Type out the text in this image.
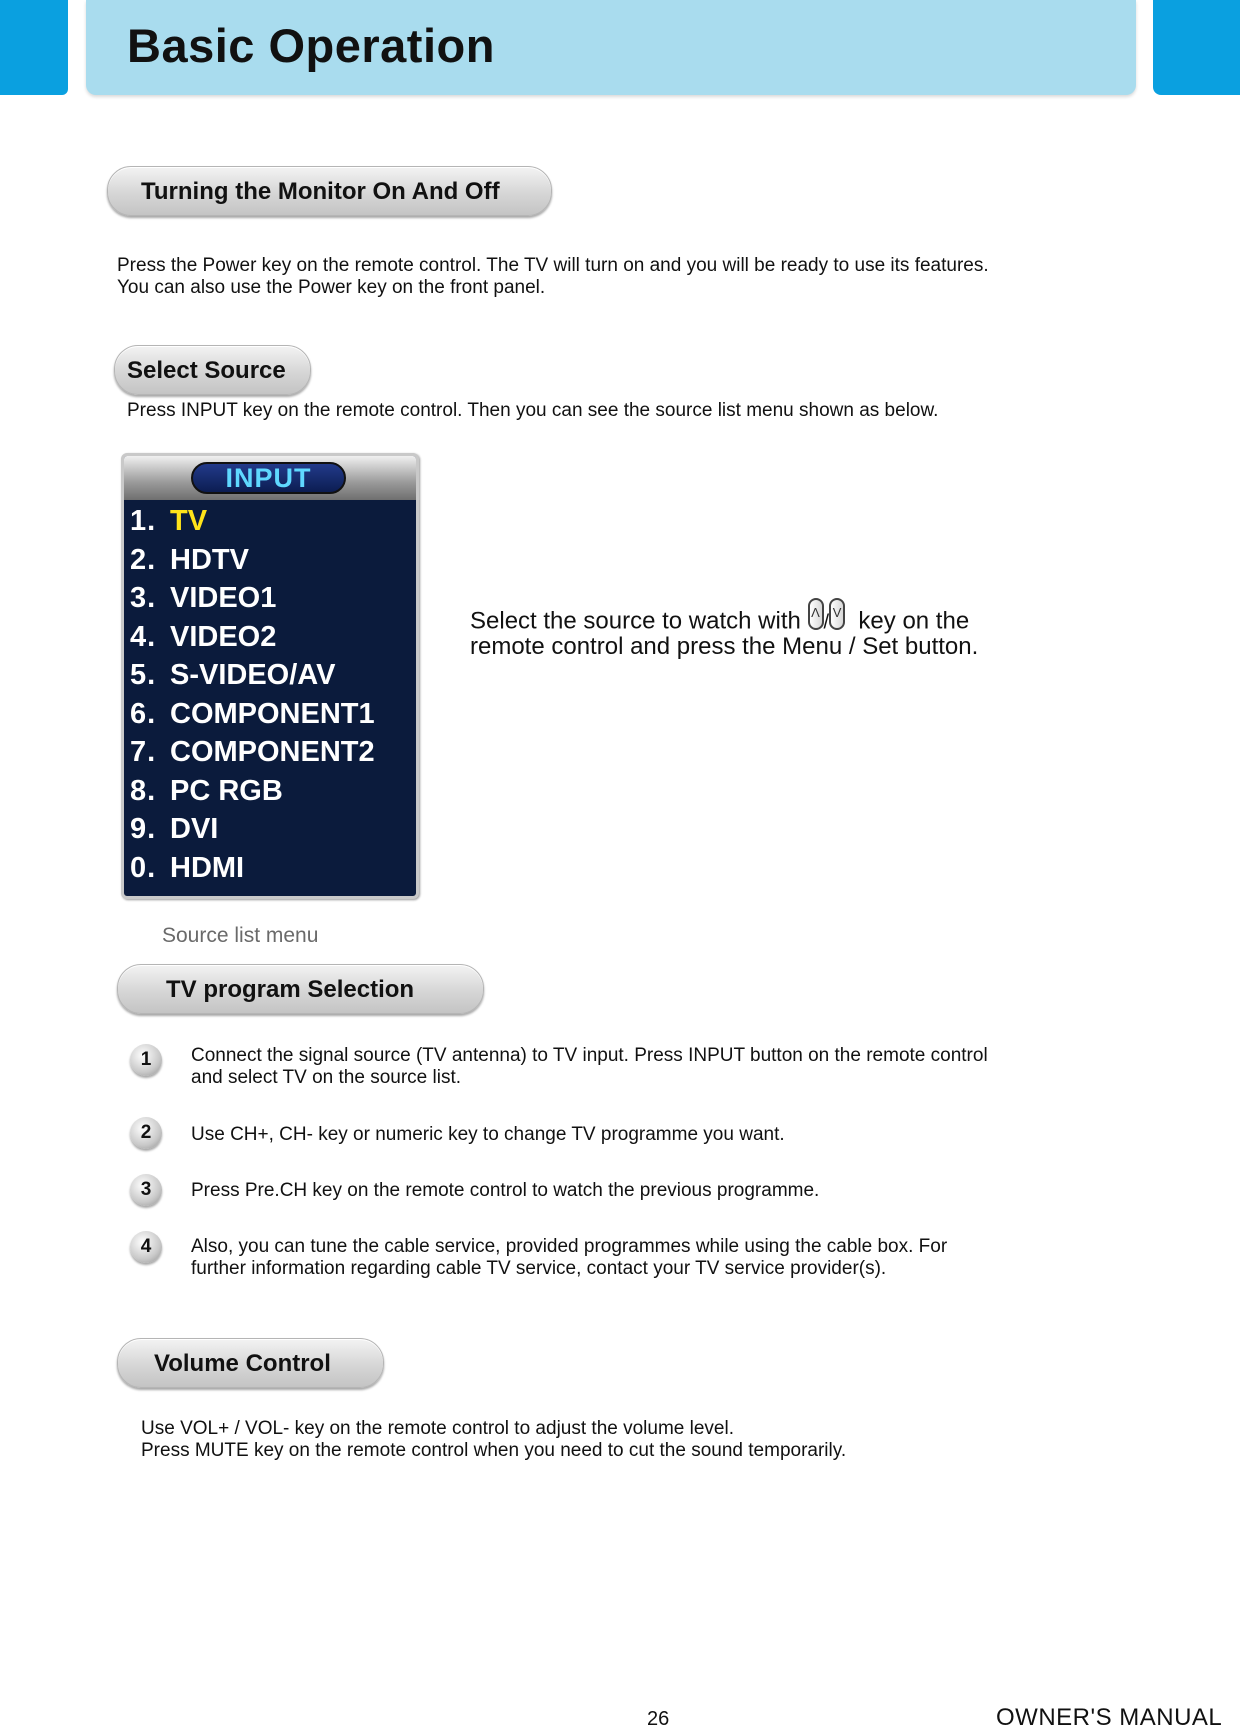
Basic Operation
Turning the Monitor On And Off

Press the Power key on the remote control. The TV will turn on and you will be ready to use its features.

You can also use the Power key on the front panel.

Select Source
Press INPUT key on the remote control. Then you can see the source list menu shown as below.
INPUT
1. TV
2. HDTV
3. VIDEO1
4. VIDEO2
5. S-VIDEO/AV
6. COMPONENT1
7. COMPONENT2
8. PC RGB
9. DVI
0. HDMI
Source list menu

Select the source to watch with Λ / V key on the

remote control and press the Menu / Set button.

TV program Selection
1	Connect the signal source (TV antenna) to TV input. Press INPUT button on the remote control

and select TV on the source list.

2	Use CH+, CH- key or numeric key to change TV programme you want.

3	Press Pre.CH key on the remote control to watch the previous programme.

4	Also, you can tune the cable service, provided programmes while using the cable box. For

further information regarding cable TV service, contact your TV service provider(s).

Volume Control

Use VOL+ / VOL- key on the remote control to adjust the volume level.

Press MUTE key on the remote control when you need to cut the sound temporarily.

26	OWNER'S MANUAL
